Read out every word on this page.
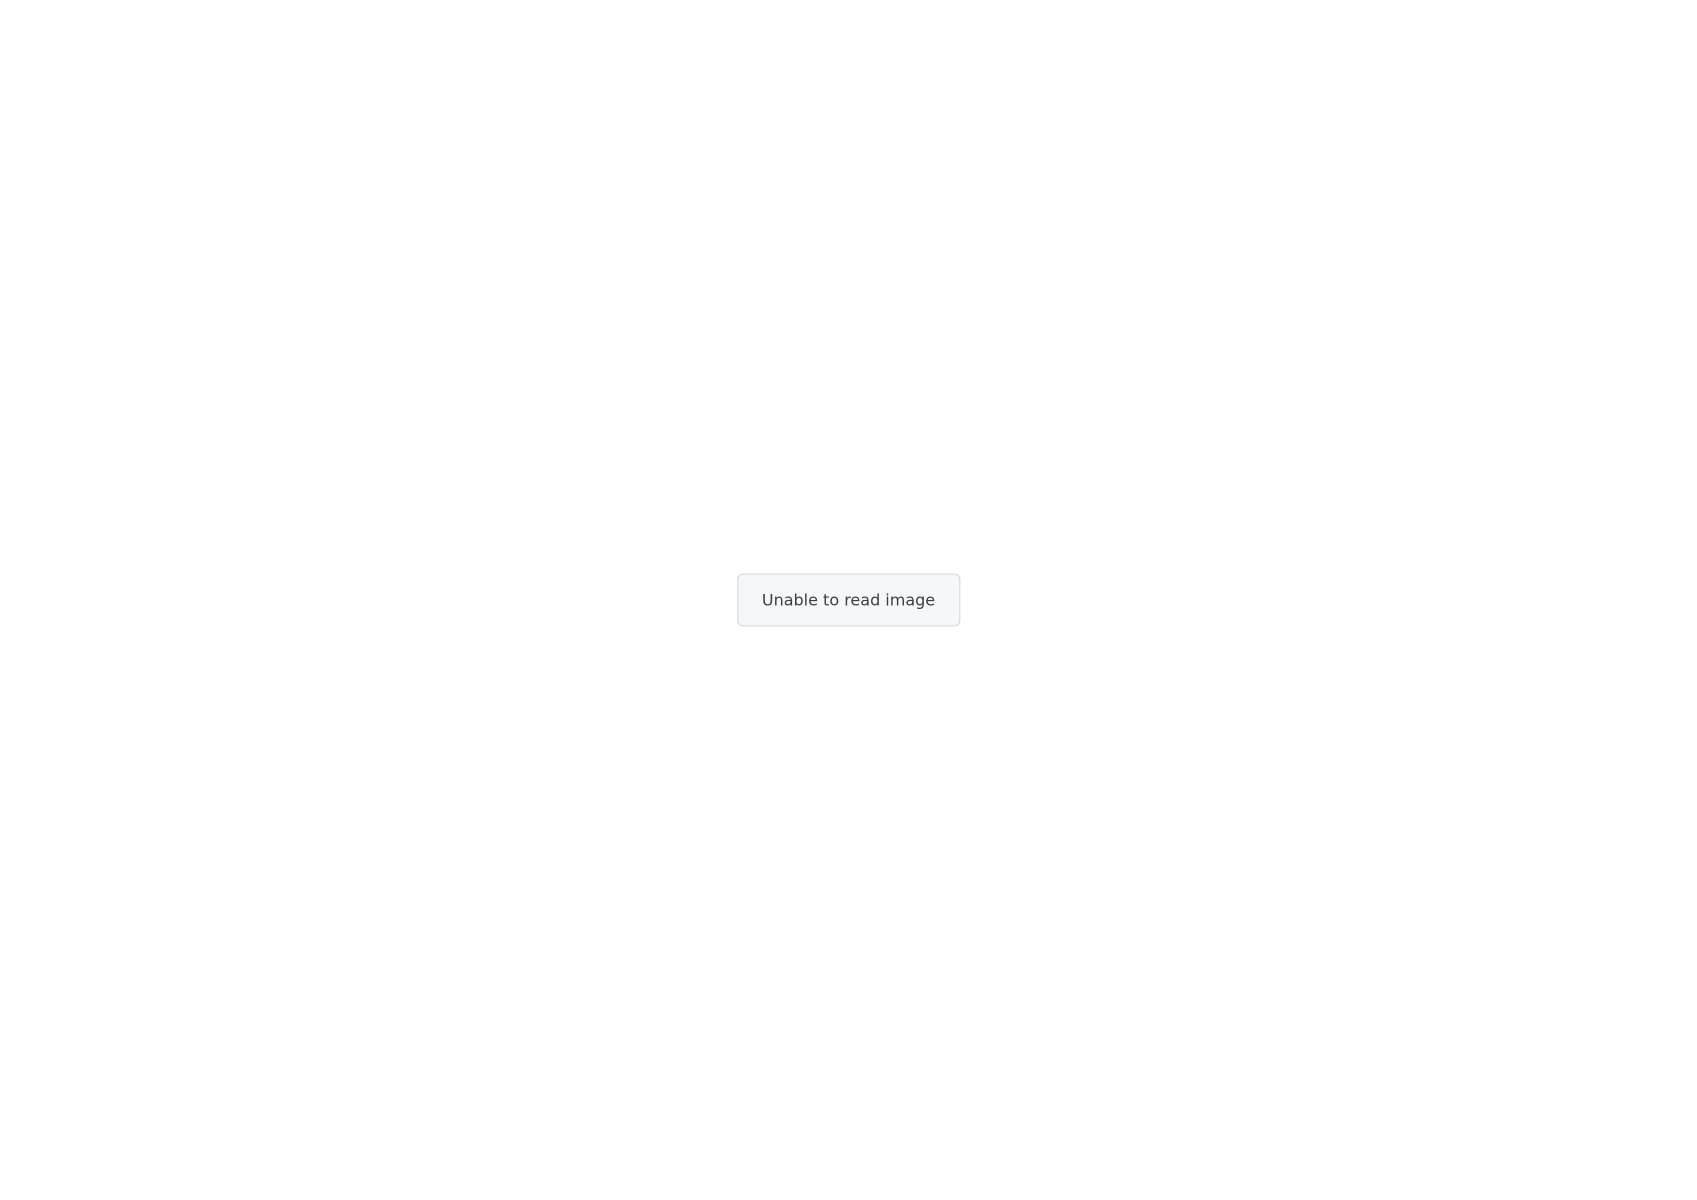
Unable to read image
